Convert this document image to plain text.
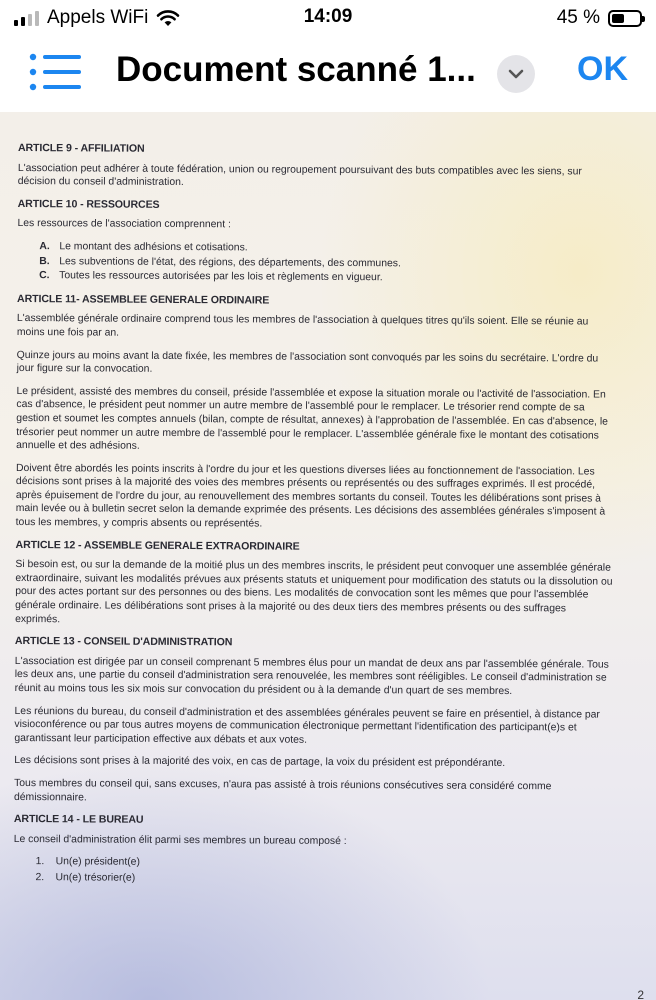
Appels WiFi	14:09	45 %
Document scanné 1...	OK
ARTICLE 9 - AFFILIATION
L'association peut adhérer à toute fédération, union ou regroupement poursuivant des buts compatibles avec les siens, sur décision du conseil d'administration.
ARTICLE 10 - RESSOURCES
Les ressources de l'association comprennent :
A. Le montant des adhésions et cotisations.
B. Les subventions de l'état, des régions, des départements, des communes.
C. Toutes les ressources autorisées par les lois et règlements en vigueur.
ARTICLE 11- ASSEMBLEE GENERALE ORDINAIRE
L'assemblée générale ordinaire comprend tous les membres de l'association à quelques titres qu'ils soient. Elle se réunie au moins une fois par an.
Quinze jours au moins avant la date fixée, les membres de l'association sont convoqués par les soins du secrétaire. L'ordre du jour figure sur la convocation.
Le président, assisté des membres du conseil, préside l'assemblée et expose la situation morale ou l'activité de l'association. En cas d'absence, le président peut nommer un autre membre de l'assemblé pour le remplacer. Le trésorier rend compte de sa gestion et soumet les comptes annuels (bilan, compte de résultat, annexes) à l'approbation de l'assemblée. En cas d'absence, le trésorier peut nommer un autre membre de l'assemblé pour le remplacer. L'assemblée générale fixe le montant des cotisations annuelle et des adhésions.
Doivent être abordés les points inscrits à l'ordre du jour et les questions diverses liées au fonctionnement de l'association. Les décisions sont prises à la majorité des voies des membres présents ou représentés ou des suffrages exprimés. Il est procédé, après épuisement de l'ordre du jour, au renouvellement des membres sortants du conseil. Toutes les délibérations sont prises à main levée ou à bulletin secret selon la demande exprimée des présents. Les décisions des assemblées générales s'imposent à tous les membres, y compris absents ou représentés.
ARTICLE 12 - ASSEMBLE GENERALE EXTRAORDINAIRE
Si besoin est, ou sur la demande de la moitié plus un des membres inscrits, le président peut convoquer une assemblée générale extraordinaire, suivant les modalités prévues aux présents statuts et uniquement pour modification des statuts ou la dissolution ou pour des actes portant sur des personnes ou des biens. Les modalités de convocation sont les mêmes que pour l'assemblée générale ordinaire. Les délibérations sont prises à la majorité ou des deux tiers des membres présents ou des suffrages exprimés.
ARTICLE 13 - CONSEIL D'ADMINISTRATION
L'association est dirigée par un conseil comprenant 5 membres élus pour un mandat de deux ans par l'assemblée générale. Tous les deux ans, une partie du conseil d'administration sera renouvelée, les membres sont rééligibles. Le conseil d'administration se réunit au moins tous les six mois sur convocation du président ou à la demande d'un quart de ses membres.
Les réunions du bureau, du conseil d'administration et des assemblées générales peuvent se faire en présentiel, à distance par visioconférence ou par tous autres moyens de communication électronique permettant l'identification des participant(e)s et garantissant leur participation effective aux débats et aux votes.
Les décisions sont prises à la majorité des voix, en cas de partage, la voix du président est prépondérante.
Tous membres du conseil qui, sans excuses, n'aura pas assisté à trois réunions consécutives sera considéré comme démissionnaire.
ARTICLE 14 - LE BUREAU
Le conseil d'administration élit parmi ses membres un bureau composé :
1.	Un(e) président(e)
2.	Un(e) trésorier(e)
2
